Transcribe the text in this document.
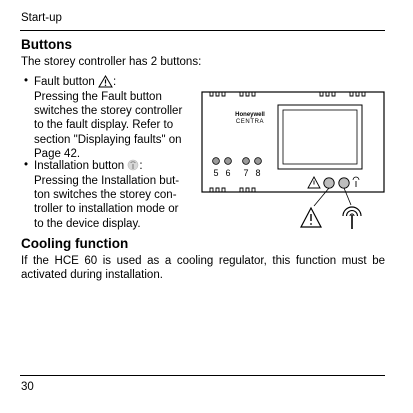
Start-up
Buttons
The storey controller has 2 buttons:
• Fault button :
Pressing the Fault button
switches the storey controller
to the fault display. Refer to
section "Displaying faults" on
Page 42.
• Installation button :
Pressing the Installation but-
ton switches the storey con-
troller to installation mode or
to the device display.
Honeywell
CENTRA
5 6 7 8
Cooling function
If the HCE 60 is used as a cooling regulator, this function must be
activated during installation.
30
